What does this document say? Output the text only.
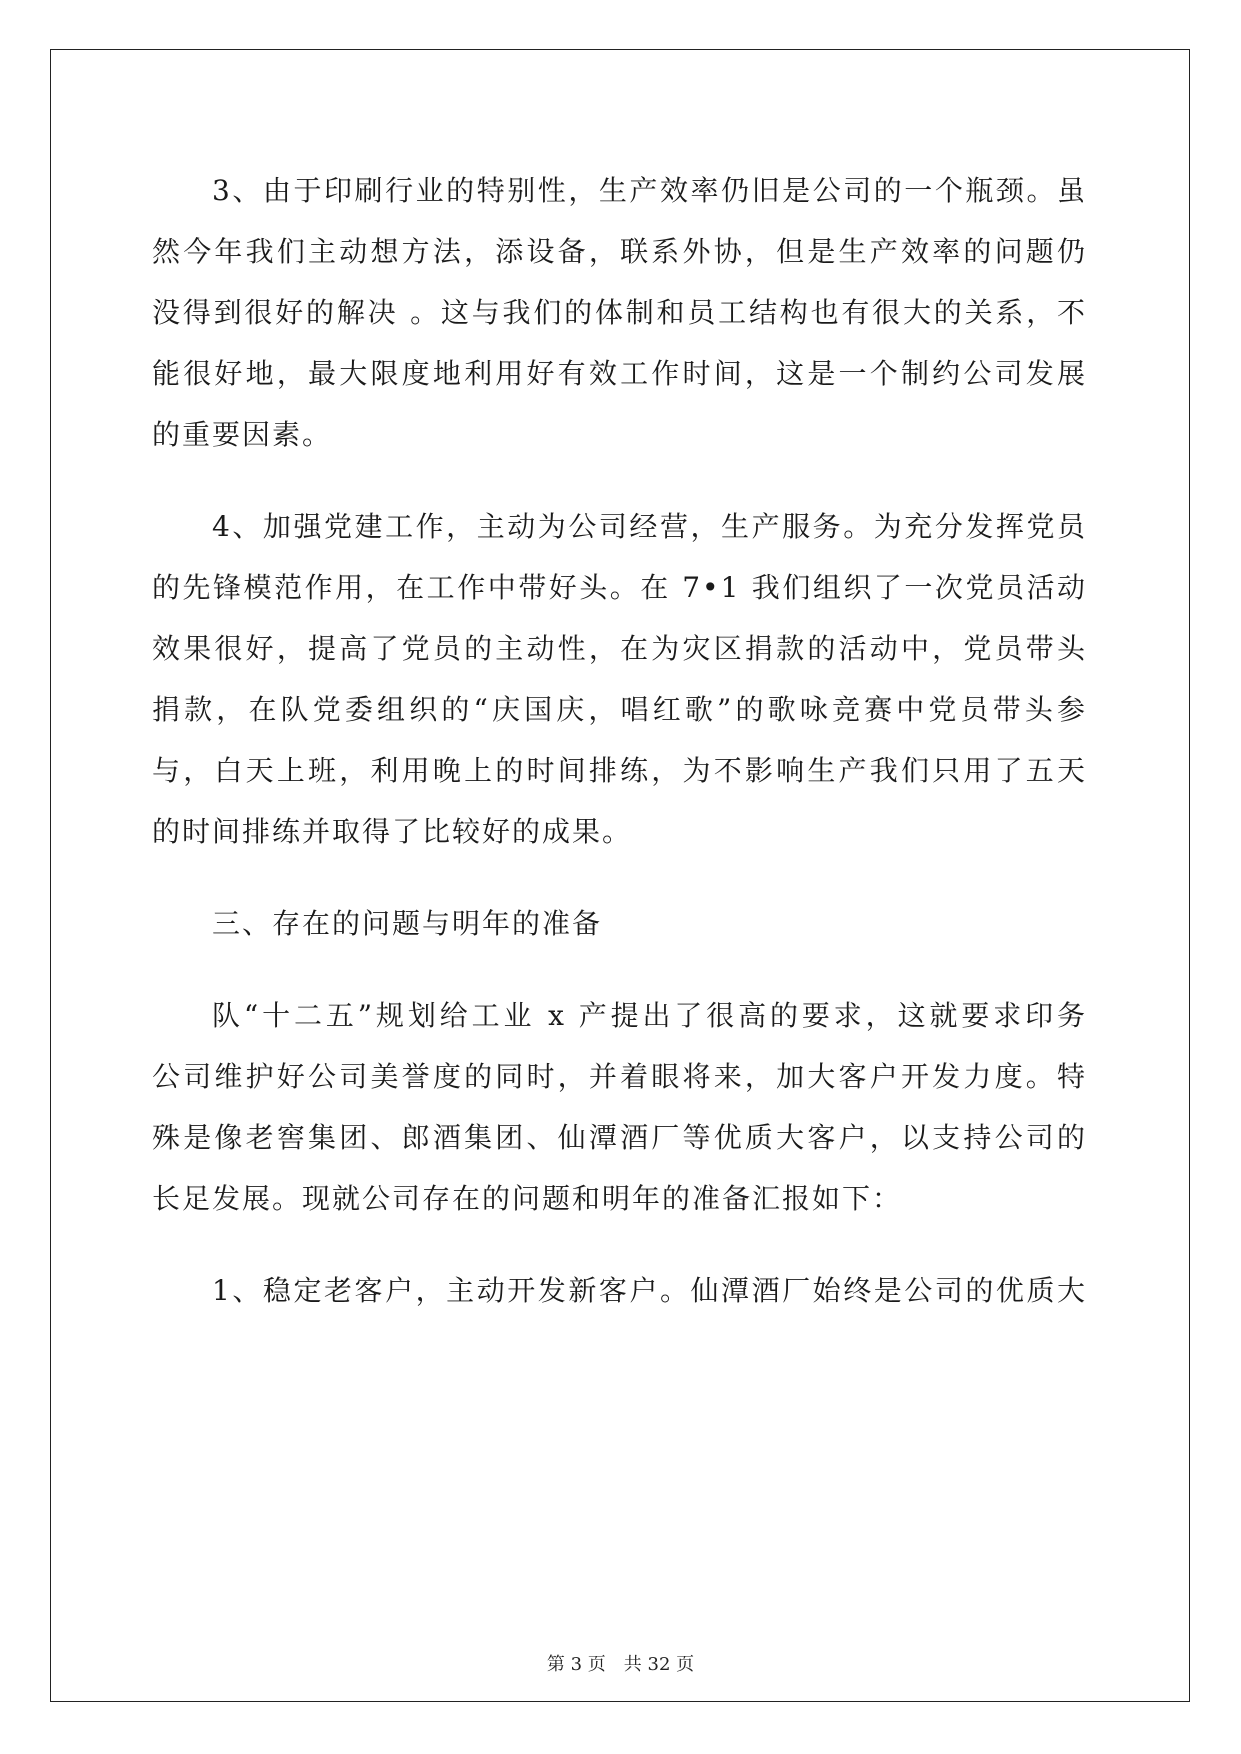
3、由于印刷行业的特别性，生产效率仍旧是公司的一个瓶颈。虽
然今年我们主动想方法，添设备，联系外协，但是生产效率的问题仍
没得到很好的解决 。这与我们的体制和员工结构也有很大的关系，不
能很好地，最大限度地利用好有效工作时间，这是一个制约公司发展
的重要因素。
4、加强党建工作，主动为公司经营，生产服务。为充分发挥党员
的先锋模范作用，在工作中带好头。在 7•1 我们组织了一次党员活动
效果很好，提高了党员的主动性，在为灾区捐款的活动中，党员带头
捐款，在队党委组织的“庆国庆，唱红歌”的歌咏竞赛中党员带头参
与，白天上班，利用晚上的时间排练，为不影响生产我们只用了五天
的时间排练并取得了比较好的成果。
三、存在的问题与明年的准备
队“十二五”规划给工业 x 产提出了很高的要求，这就要求印务
公司维护好公司美誉度的同时，并着眼将来，加大客户开发力度。特
殊是像老窖集团、郎酒集团、仙潭酒厂等优质大客户，以支持公司的
长足发展。现就公司存在的问题和明年的准备汇报如下：
1、稳定老客户，主动开发新客户。仙潭酒厂始终是公司的优质大
第 3 页　共 32 页
